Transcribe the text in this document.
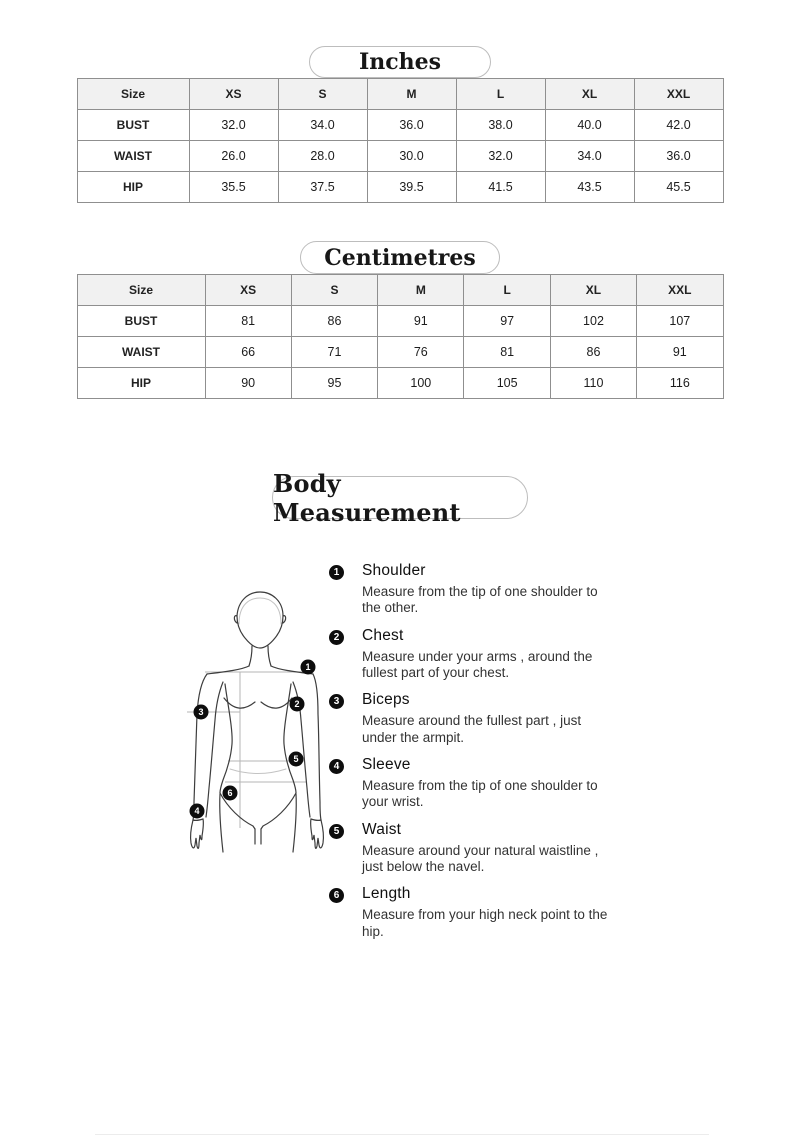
Inches
Size	XS	S	M	L	XL	XXL
BUST	32.0	34.0	36.0	38.0	40.0	42.0
WAIST	26.0	28.0	30.0	32.0	34.0	36.0
HIP	35.5	37.5	39.5	41.5	43.5	45.5
Centimetres
Size	XS	S	M	L	XL	XXL
BUST	81	86	91	97	102	107
WAIST	66	71	76	81	86	91
HIP	90	95	100	105	110	116
Body Measurement
1
2
3
4
5
6
1	Shoulder
Measure from the tip of one shoulder to the other.
2	Chest
Measure under your arms , around the fullest part of your chest.
3	Biceps
Measure around the fullest part , just under the armpit.
4	Sleeve
Measure from the tip of one shoulder to your wrist.
5	Waist
Measure around your natural waistline , just below the navel.
6	Length
Measure from your high neck point to the hip.
